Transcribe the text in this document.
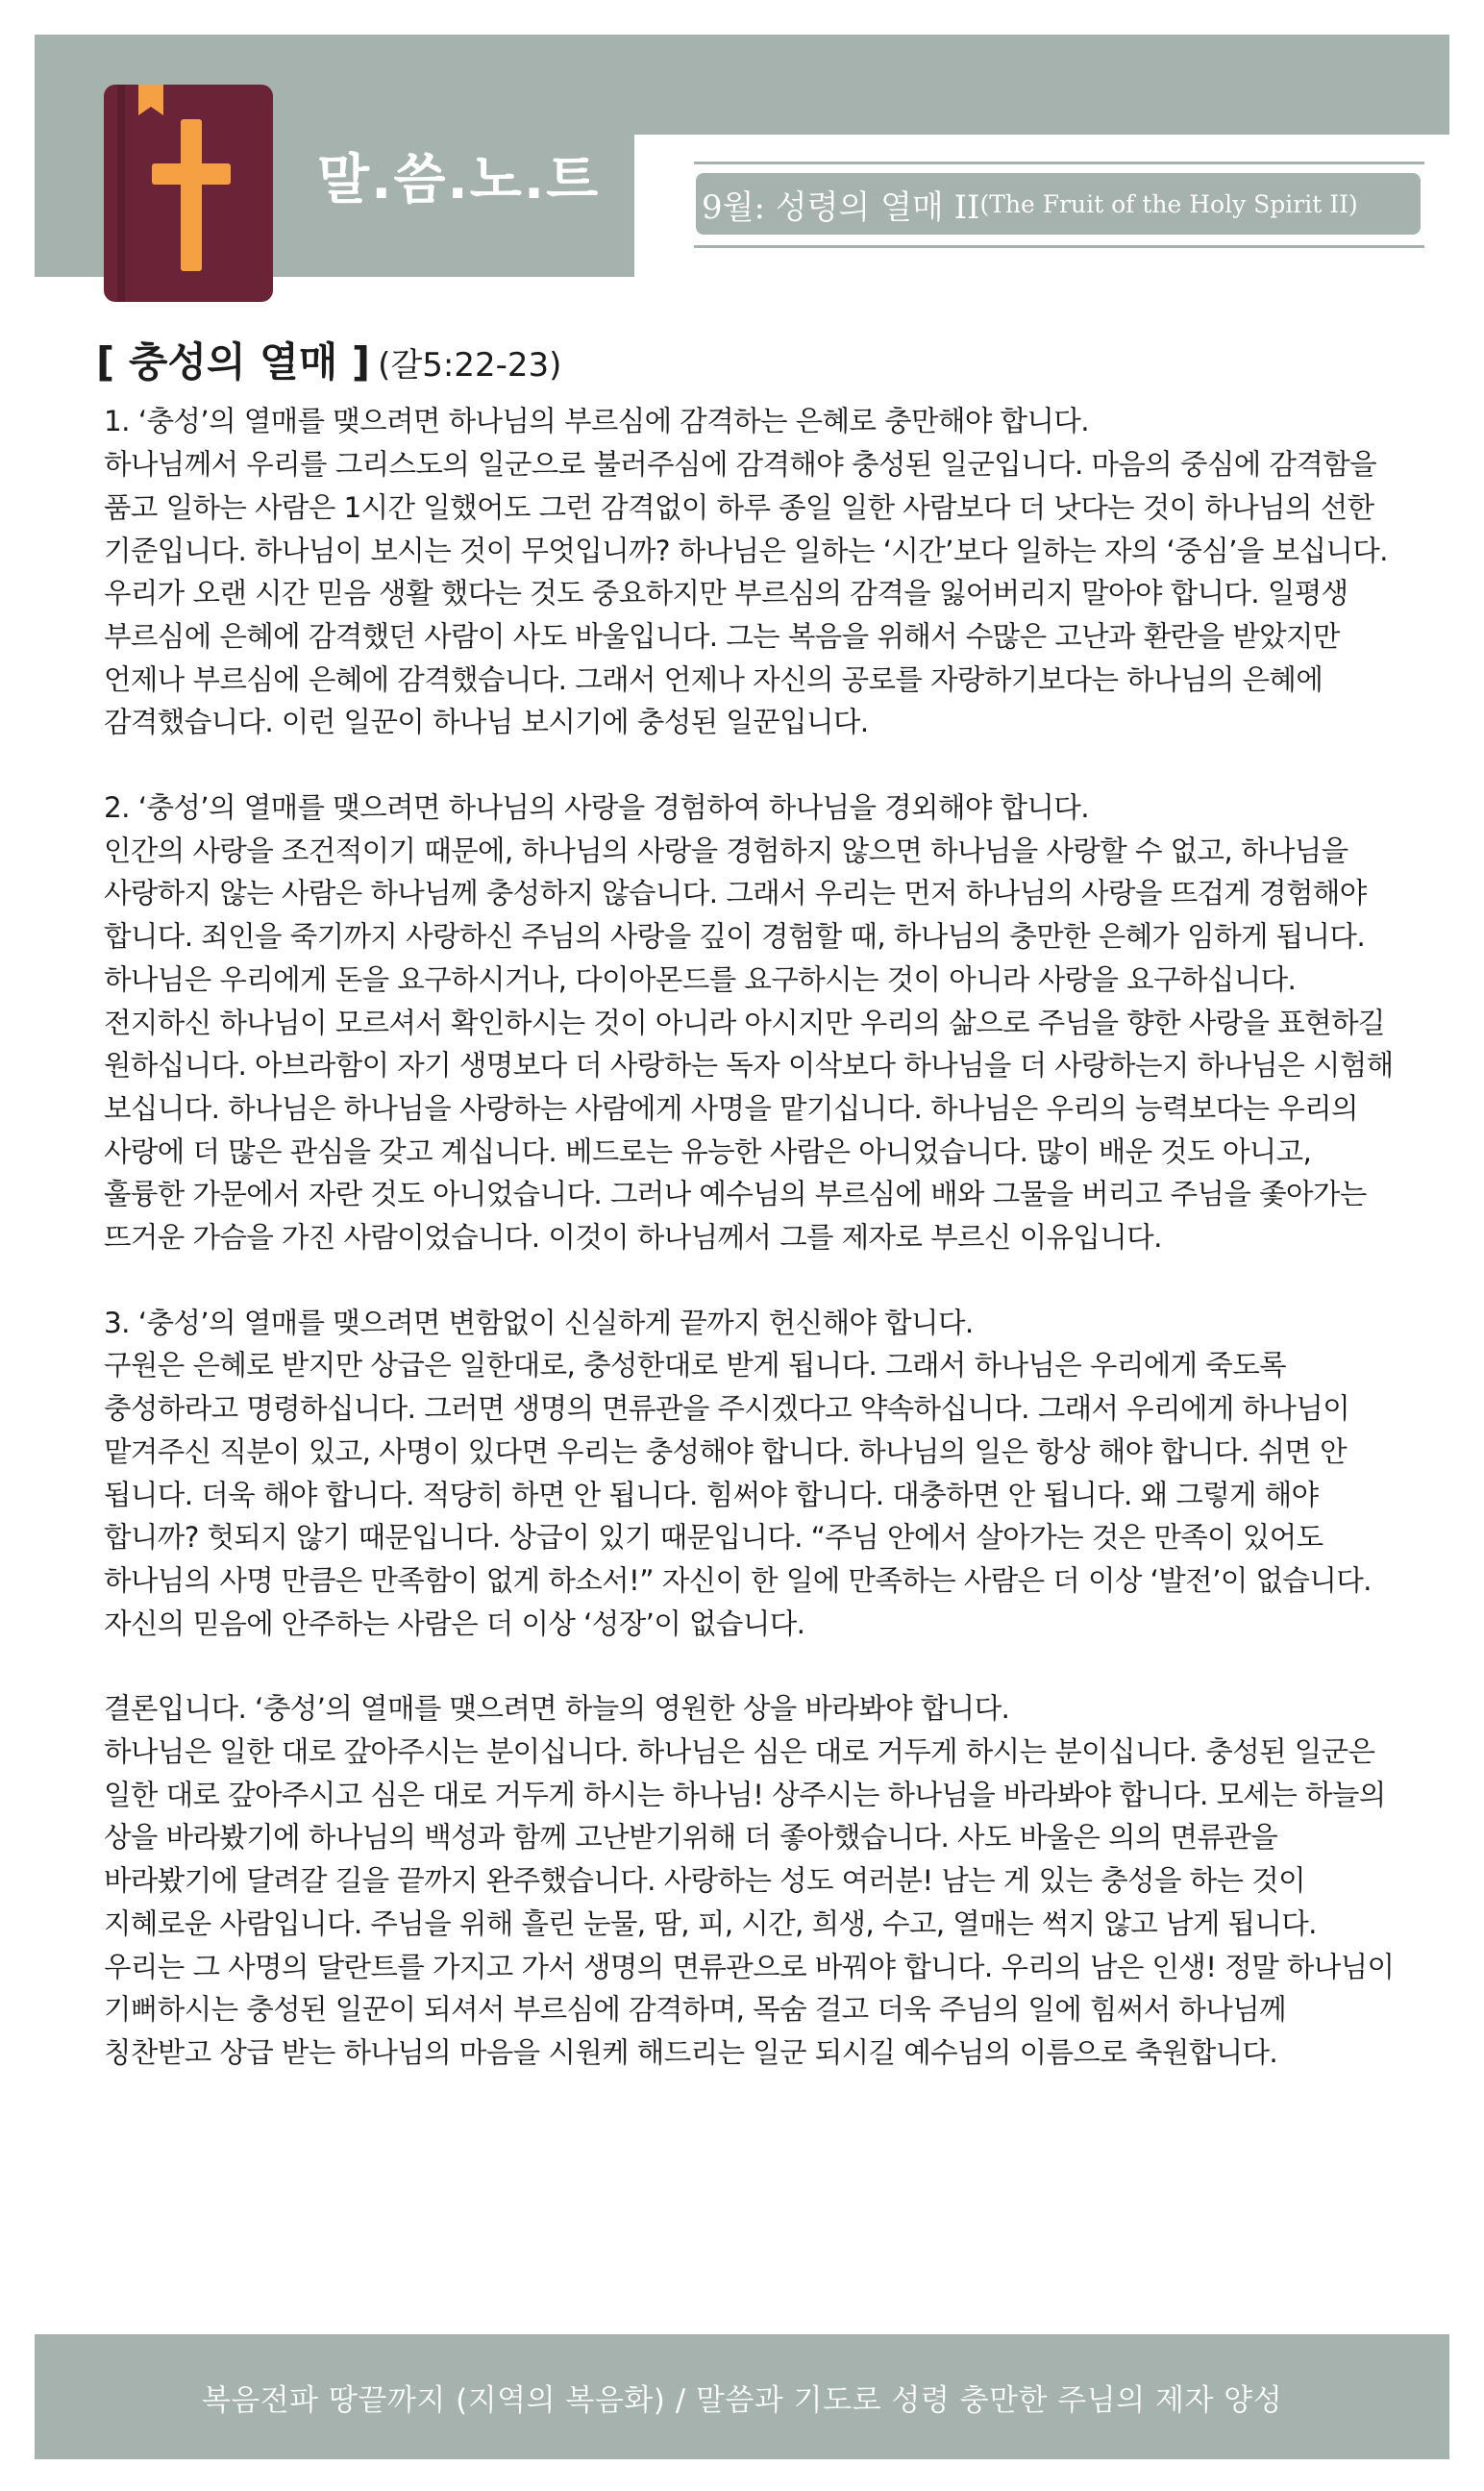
말.씀.노.트	9월: 성령의 열매 II (The Fruit of the Holy Spirit II)
[ 충성의 열매 ] (갈5:22-23)
1. ‘충성’의 열매를 맺으려면 하나님의 부르심에 감격하는 은혜로 충만해야 합니다.
하나님께서 우리를 그리스도의 일군으로 불러주심에 감격해야 충성된 일군입니다. 마음의 중심에 감격함을 품고 일하는 사람은 1시간 일했어도 그런 감격없이 하루 종일 일한 사람보다 더 낫다는 것이 하나님의 선한 기준입니다. 하나님이 보시는 것이 무엇입니까? 하나님은 일하는 ‘시간’보다 일하는 자의 ‘중심’을 보십니다. 우리가 오랜 시간 믿음 생활 했다는 것도 중요하지만 부르심의 감격을 잃어버리지 말아야 합니다. 일평생 부르심에 은혜에 감격했던 사람이 사도 바울입니다. 그는 복음을 위해서 수많은 고난과 환란을 받았지만 언제나 부르심에 은혜에 감격했습니다. 그래서 언제나 자신의 공로를 자랑하기보다는 하나님의 은혜에 감격했습니다. 이런 일꾼이 하나님 보시기에 충성된 일꾼입니다.
2. ‘충성’의 열매를 맺으려면 하나님의 사랑을 경험하여 하나님을 경외해야 합니다.
인간의 사랑을 조건적이기 때문에, 하나님의 사랑을 경험하지 않으면 하나님을 사랑할 수 없고, 하나님을 사랑하지 않는 사람은 하나님께 충성하지 않습니다. 그래서 우리는 먼저 하나님의 사랑을 뜨겁게 경험해야 합니다. 죄인을 죽기까지 사랑하신 주님의 사랑을 깊이 경험할 때, 하나님의 충만한 은혜가 임하게 됩니다. 하나님은 우리에게 돈을 요구하시거나, 다이아몬드를 요구하시는 것이 아니라 사랑을 요구하십니다. 전지하신 하나님이 모르셔서 확인하시는 것이 아니라 아시지만 우리의 삶으로 주님을 향한 사랑을 표현하길 원하십니다. 아브라함이 자기 생명보다 더 사랑하는 독자 이삭보다 하나님을 더 사랑하는지 하나님은 시험해 보십니다. 하나님은 하나님을 사랑하는 사람에게 사명을 맡기십니다. 하나님은 우리의 능력보다는 우리의 사랑에 더 많은 관심을 갖고 계십니다. 베드로는 유능한 사람은 아니었습니다. 많이 배운 것도 아니고, 훌륭한 가문에서 자란 것도 아니었습니다. 그러나 예수님의 부르심에 배와 그물을 버리고 주님을 좇아가는 뜨거운 가슴을 가진 사람이었습니다. 이것이 하나님께서 그를 제자로 부르신 이유입니다.
3. ‘충성’의 열매를 맺으려면 변함없이 신실하게 끝까지 헌신해야 합니다.
구원은 은혜로 받지만 상급은 일한대로, 충성한대로 받게 됩니다. 그래서 하나님은 우리에게 죽도록 충성하라고 명령하십니다. 그러면 생명의 면류관을 주시겠다고 약속하십니다. 그래서 우리에게 하나님이 맡겨주신 직분이 있고, 사명이 있다면 우리는 충성해야 합니다. 하나님의 일은 항상 해야 합니다. 쉬면 안 됩니다. 더욱 해야 합니다. 적당히 하면 안 됩니다. 힘써야 합니다. 대충하면 안 됩니다. 왜 그렇게 해야 합니까? 헛되지 않기 때문입니다. 상급이 있기 때문입니다. “주님 안에서 살아가는 것은 만족이 있어도 하나님의 사명 만큼은 만족함이 없게 하소서!” 자신이 한 일에 만족하는 사람은 더 이상 ‘발전’이 없습니다. 자신의 믿음에 안주하는 사람은 더 이상 ‘성장’이 없습니다.
결론입니다. ‘충성’의 열매를 맺으려면 하늘의 영원한 상을 바라봐야 합니다.
하나님은 일한 대로 갚아주시는 분이십니다. 하나님은 심은 대로 거두게 하시는 분이십니다. 충성된 일군은 일한 대로 갚아주시고 심은 대로 거두게 하시는 하나님! 상주시는 하나님을 바라봐야 합니다. 모세는 하늘의 상을 바라봤기에 하나님의 백성과 함께 고난받기위해 더 좋아했습니다. 사도 바울은 의의 면류관을 바라봤기에 달려갈 길을 끝까지 완주했습니다. 사랑하는 성도 여러분! 남는 게 있는 충성을 하는 것이 지혜로운 사람입니다. 주님을 위해 흘린 눈물, 땀, 피, 시간, 희생, 수고, 열매는 썩지 않고 남게 됩니다. 우리는 그 사명의 달란트를 가지고 가서 생명의 면류관으로 바꿔야 합니다. 우리의 남은 인생! 정말 하나님이 기뻐하시는 충성된 일꾼이 되셔서 부르심에 감격하며, 목숨 걸고 더욱 주님의 일에 힘써서 하나님께 칭찬받고 상급 받는 하나님의 마음을 시원케 해드리는 일군 되시길 예수님의 이름으로 축원합니다.
복음전파 땅끝까지 (지역의 복음화) / 말씀과 기도로 성령 충만한 주님의 제자 양성
